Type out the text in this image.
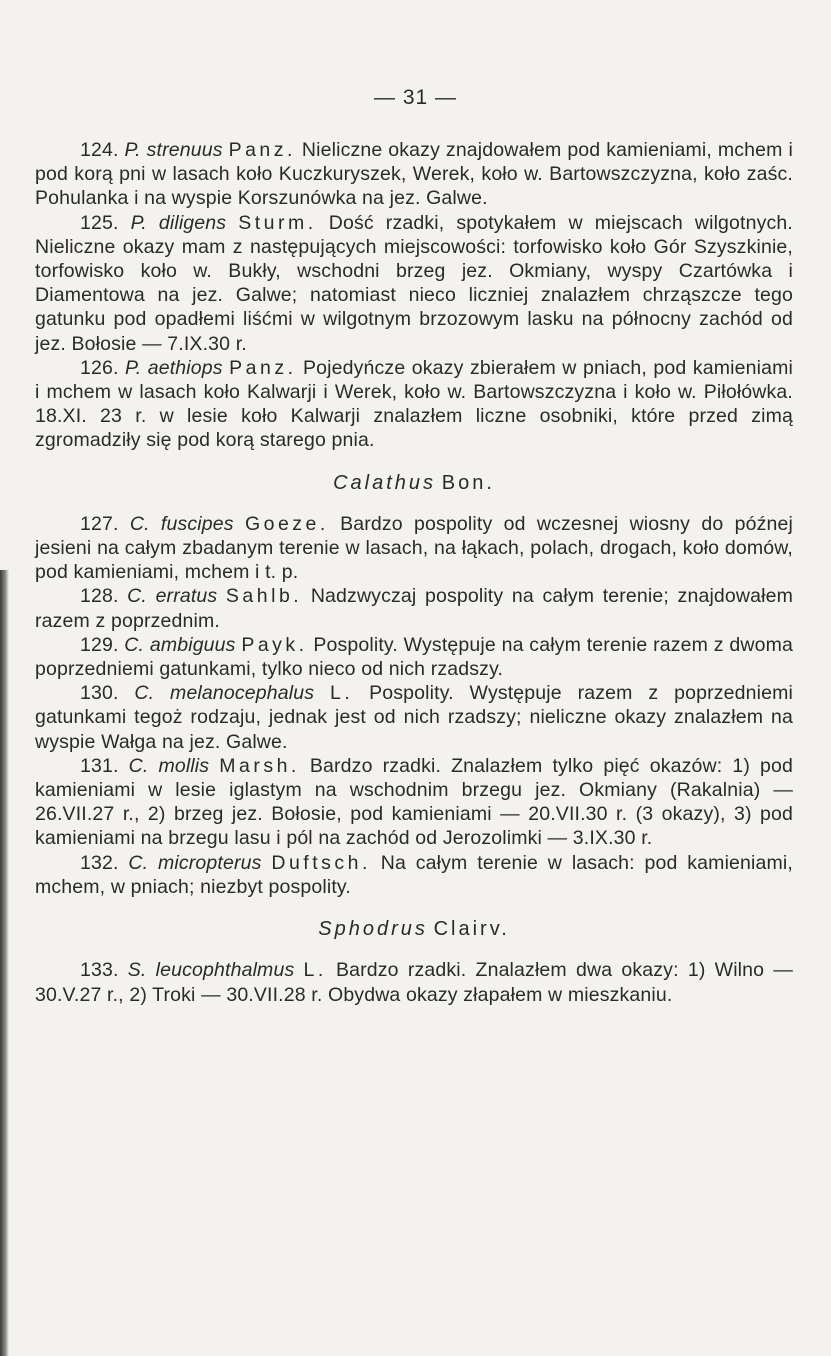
— 31 —

124. P. strenuus Panz. Nieliczne okazy znajdowałem pod kamieniami, mchem i pod korą pni w lasach koło Kuczkuryszek, Werek, koło w. Bartowszczyzna, koło zaśc. Pohulanka i na wyspie Korszunówka na jez. Galwe.

125. P. diligens Sturm. Dość rzadki, spotykałem w miejscach wilgotnych. Nieliczne okazy mam z następujących miejscowości: torfowisko koło Gór Szyszkinie, torfowisko koło w. Bukły, wschodni brzeg jez. Okmiany, wyspy Czartówka i Diamentowa na jez. Galwe; natomiast nieco liczniej znalazłem chrząszcze tego gatunku pod opadłemi liśćmi w wilgotnym brzozowym lasku na północny zachód od jez. Bołosie — 7.IX.30 r.

126. P. aethiops Panz. Pojedyńcze okazy zbierałem w pniach, pod kamieniami i mchem w lasach koło Kalwarji i Werek, koło w. Bartowszczyzna i koło w. Piłołówka. 18.XI. 23 r. w lesie koło Kalwarji znalazłem liczne osobniki, które przed zimą zgromadziły się pod korą starego pnia.

Calathus Bon.

127. C. fuscipes Goeze. Bardzo pospolity od wczesnej wiosny do późnej jesieni na całym zbadanym terenie w lasach, na łąkach, polach, drogach, koło domów, pod kamieniami, mchem i t. p.

128. C. erratus Sahlb. Nadzwyczaj pospolity na całym terenie; znajdowałem razem z poprzednim.

129. C. ambiguus Payk. Pospolity. Występuje na całym terenie razem z dwoma poprzedniemi gatunkami, tylko nieco od nich rzadszy.

130. C. melanocephalus L. Pospolity. Występuje razem z poprzedniemi gatunkami tegoż rodzaju, jednak jest od nich rzadszy; nieliczne okazy znalazłem na wyspie Wałga na jez. Galwe.

131. C. mollis Marsh. Bardzo rzadki. Znalazłem tylko pięć okazów: 1) pod kamieniami w lesie iglastym na wschodnim brzegu jez. Okmiany (Rakalnia) — 26.VII.27 r., 2) brzeg jez. Bołosie, pod kamieniami — 20.VII.30 r. (3 okazy), 3) pod kamieniami na brzegu lasu i pól na zachód od Jerozolimki — 3.IX.30 r.

132. C. micropterus Duftsch. Na całym terenie w lasach: pod kamieniami, mchem, w pniach; niezbyt pospolity.

Sphodrus Clairv.

133. S. leucophthalmus L. Bardzo rzadki. Znalazłem dwa okazy: 1) Wilno — 30.V.27 r., 2) Troki — 30.VII.28 r. Obydwa okazy złapałem w mieszkaniu.
